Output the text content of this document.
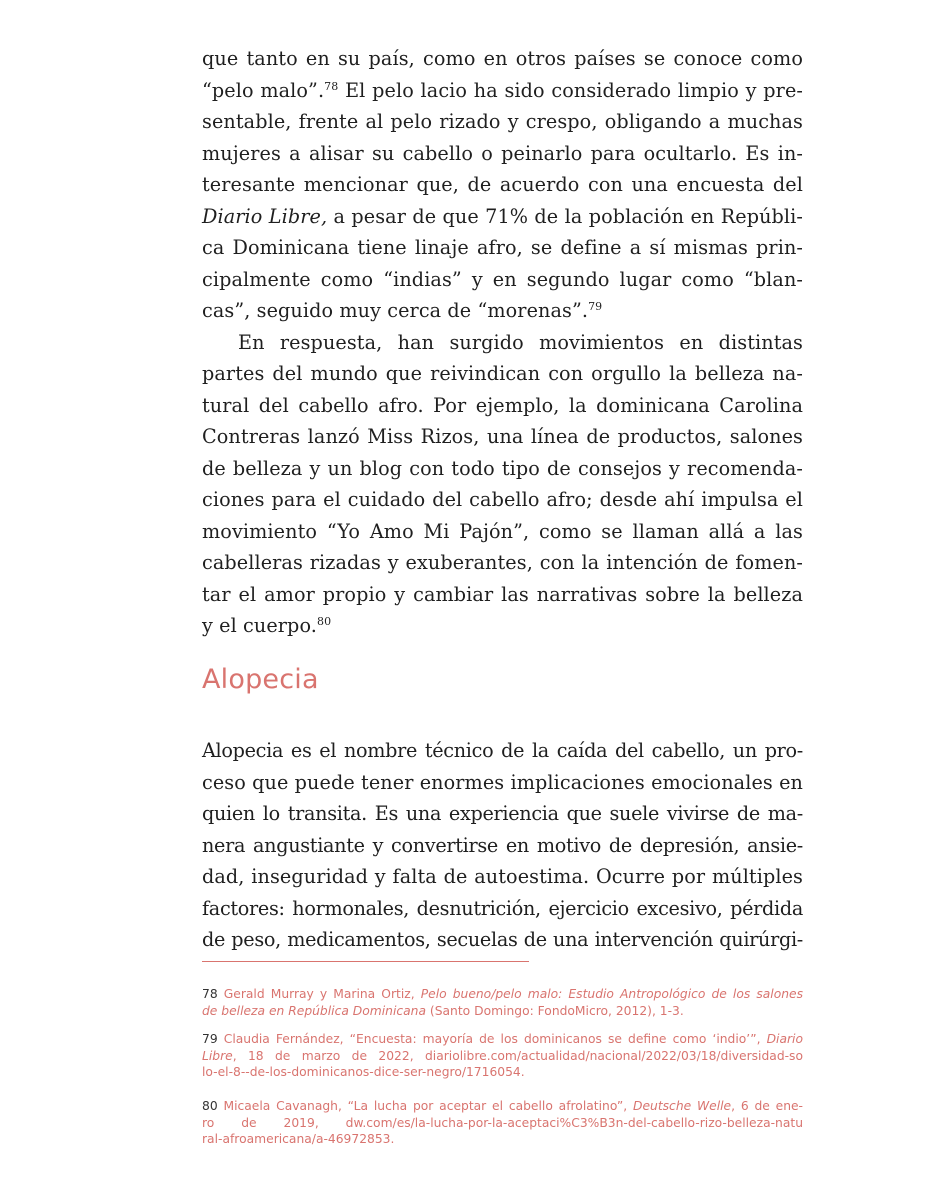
que tanto en su país, como en otros países se conoce como
“pelo malo”.$^{78}$ El pelo lacio ha sido considerado limpio y pre-
sentable, frente al pelo rizado y crespo, obligando a muchas
mujeres a alisar su cabello o peinarlo para ocultarlo. Es in-
teresante mencionar que, de acuerdo con una encuesta del
Diario Libre, a pesar de que 71% de la población en Repúbli-
ca Dominicana tiene linaje afro, se define a sí mismas prin-
cipalmente como “indias” y en segundo lugar como “blan-
cas”, seguido muy cerca de “morenas”.$^{79}$
En respuesta, han surgido movimientos en distintas
partes del mundo que reivindican con orgullo la belleza na-
tural del cabello afro. Por ejemplo, la dominicana Carolina
Contreras lanzó Miss Rizos, una línea de productos, salones
de belleza y un blog con todo tipo de consejos y recomenda-
ciones para el cuidado del cabello afro; desde ahí impulsa el
movimiento “Yo Amo Mi Pajón”, como se llaman allá a las
cabelleras rizadas y exuberantes, con la intención de fomen-
tar el amor propio y cambiar las narrativas sobre la belleza
y el cuerpo.$^{80}$
Alopecia
Alopecia es el nombre técnico de la caída del cabello, un pro-
ceso que puede tener enormes implicaciones emocionales en
quien lo transita. Es una experiencia que suele vivirse de ma-
nera angustiante y convertirse en motivo de depresión, ansie-
dad, inseguridad y falta de autoestima. Ocurre por múltiples
factores: hormonales, desnutrición, ejercicio excesivo, pérdida
de peso, medicamentos, secuelas de una intervención quirúrgi-
78 Gerald Murray y Marina Ortiz, Pelo bueno/pelo malo: Estudio Antropológico de los salones
de belleza en República Dominicana (Santo Domingo: FondoMicro, 2012), 1-3.
79 Claudia Fernández, “Encuesta: mayoría de los dominicanos se define como ‘indio’”, Diario
Libre, 18 de marzo de 2022, diariolibre.com/actualidad/nacional/2022/03/18/diversidad-so
lo-el-8--de-los-dominicanos-dice-ser-negro/1716054.
80 Micaela Cavanagh, “La lucha por aceptar el cabello afrolatino”, Deutsche Welle, 6 de ene-
ro de 2019, dw.com/es/la-lucha-por-la-aceptaci%C3%B3n-del-cabello-rizo-belleza-natu
ral-afroamericana/a-46972853.
